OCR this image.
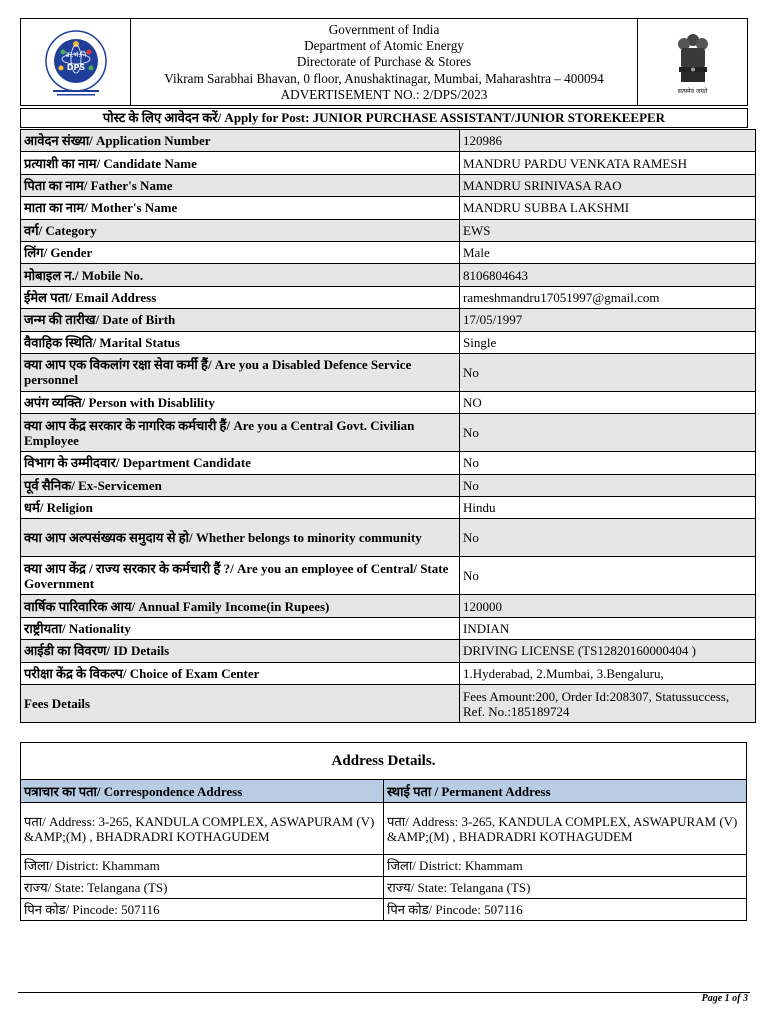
क्र.भं.नि
DPS
Government of India
Department of Atomic Energy
Directorate of Purchase & Stores
Vikram Sarabhai Bhavan, 0 floor, Anushaktinagar, Mumbai, Maharashtra – 400094
ADVERTISEMENT NO.: 2/DPS/2023	सत्यमेव जयते
पोस्ट के लिए आवेदन करें/ Apply for Post: JUNIOR PURCHASE ASSISTANT/JUNIOR STOREKEEPER
आवेदन संख्या/ Application Number	120986
प्रत्याशी का नाम/ Candidate Name	MANDRU PARDU VENKATA RAMESH
पिता का नाम/ Father's Name	MANDRU SRINIVASA RAO
माता का नाम/ Mother's Name	MANDRU SUBBA LAKSHMI
वर्ग/ Category	EWS
लिंग/ Gender	Male
मोबाइल न./ Mobile No.	8106804643
ईमेल पता/ Email Address	rameshmandru17051997@gmail.com
जन्म की तारीख/ Date of Birth	17/05/1997
वैवाहिक स्थिति/ Marital Status	Single
क्या आप एक विकलांग रक्षा सेवा कर्मी हैं/ Are you a Disabled Defence Service personnel	No
अपंग व्यक्ति/ Person with Disablility	NO
क्या आप केंद्र सरकार के नागरिक कर्मचारी हैं/ Are you a Central Govt. Civilian Employee	No
विभाग के उम्मीदवार/ Department Candidate	No
पूर्व सैनिक/ Ex-Servicemen	No
धर्म/ Religion	Hindu
क्या आप अल्पसंख्यक समुदाय से हो/ Whether belongs to minority community	No
क्या आप केंद्र / राज्य सरकार के कर्मचारी हैं ?/ Are you an employee of Central/ State Government	No
वार्षिक पारिवारिक आय/ Annual Family Income(in Rupees)	120000
राष्ट्रीयता/ Nationality	INDIAN
आईडी का विवरण/ ID Details	DRIVING LICENSE (TS12820160000404 )
परीक्षा केंद्र के विकल्प/ Choice of Exam Center	1.Hyderabad, 2.Mumbai, 3.Bengaluru,
Fees Details	Fees Amount:200, Order Id:208307, Statussuccess, Ref. No.:185189724
Address Details.	
पत्राचार का पता/ Correspondence Address	स्थाई पता / Permanent Address
पता/ Address: 3-265, KANDULA COMPLEX, ASWAPURAM (V) &AMP;(M) , BHADRADRI KOTHAGUDEM	पता/ Address: 3-265, KANDULA COMPLEX, ASWAPURAM (V) &AMP;(M) , BHADRADRI KOTHAGUDEM
जिला/ District: Khammam	जिला/ District: Khammam
राज्य/ State: Telangana (TS)	राज्य/ State: Telangana (TS)
पिन कोड/ Pincode: 507116	पिन कोड/ Pincode: 507116
Page 1 of 3
